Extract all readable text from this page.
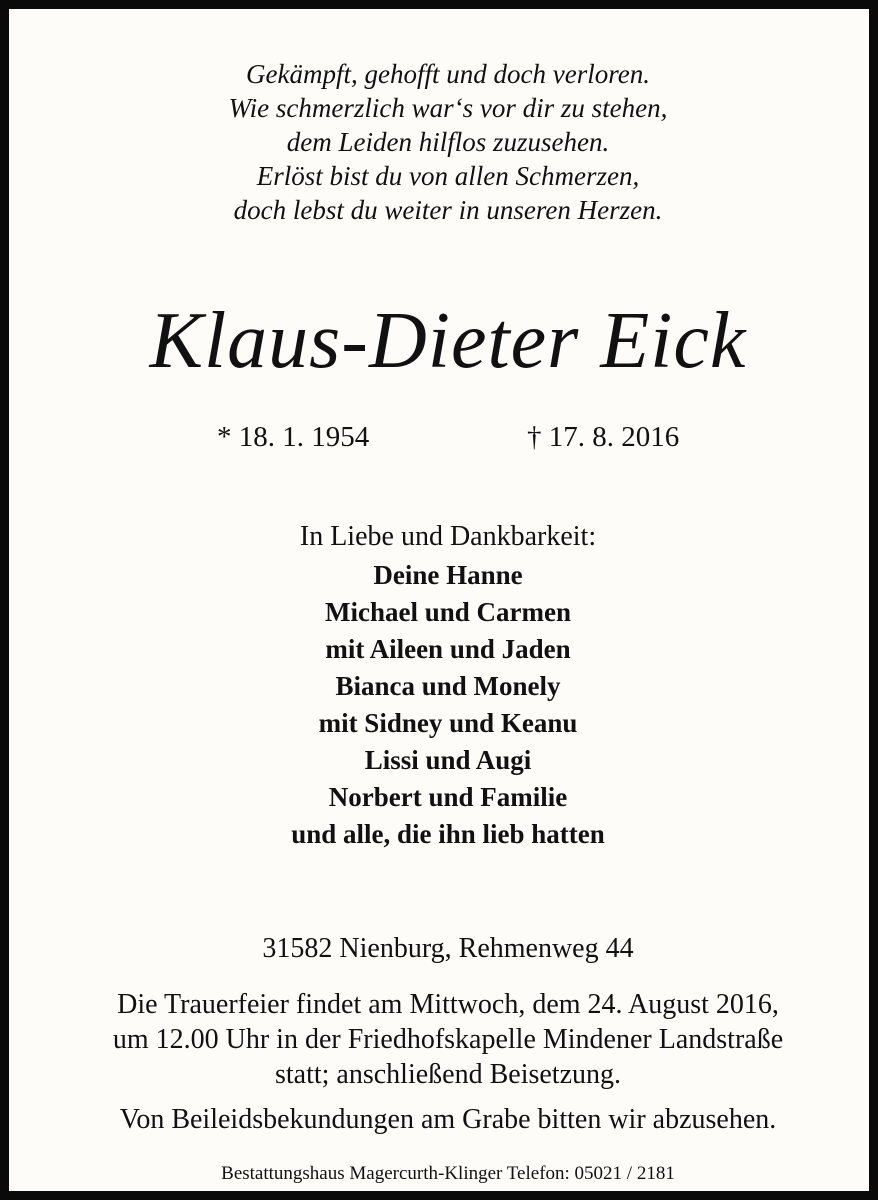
Gekämpft, gehofft und doch verloren.
Wie schmerzlich war‘s vor dir zu stehen,
dem Leiden hilflos zuzusehen.
Erlöst bist du von allen Schmerzen,
doch lebst du weiter in unseren Herzen.
Klaus-Dieter Eick
* 18. 1. 1954	† 17. 8. 2016
In Liebe und Dankbarkeit:
Deine Hanne
Michael und Carmen
mit Aileen und Jaden
Bianca und Monely
mit Sidney und Keanu
Lissi und Augi
Norbert und Familie
und alle, die ihn lieb hatten
31582 Nienburg, Rehmenweg 44
Die Trauerfeier findet am Mittwoch, dem 24. August 2016,
um 12.00 Uhr in der Friedhofskapelle Mindener Landstraße
statt; anschließend Beisetzung.
Von Beileidsbekundungen am Grabe bitten wir abzusehen.
Bestattungshaus Magercurth-Klinger Telefon: 05021 / 2181
